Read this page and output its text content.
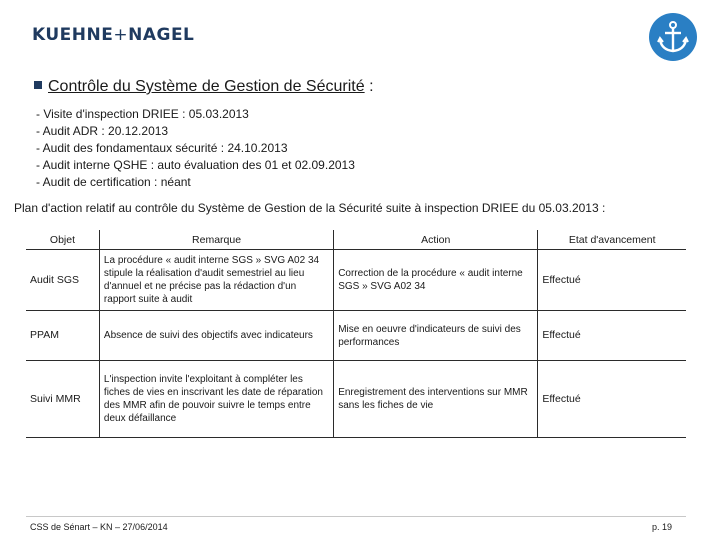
KUEHNE+NAGEL
Contrôle du Système de Gestion de Sécurité :
- Visite d'inspection DRIEE : 05.03.2013
- Audit ADR : 20.12.2013
- Audit des fondamentaux sécurité : 24.10.2013
- Audit interne QSHE : auto évaluation des 01 et 02.09.2013
- Audit de certification : néant
Plan d'action relatif au contrôle du Système de Gestion de la Sécurité suite à inspection DRIEE du 05.03.2013 :
Objet	Remarque	Action	Etat d'avancement
Audit SGS	La procédure « audit interne SGS » SVG A02 34 stipule la réalisation d'audit semestriel au lieu d'annuel et ne précise pas la rédaction d'un rapport suite à audit	Correction de la procédure « audit interne SGS » SVG A02 34	Effectué
PPAM	Absence de suivi des objectifs avec indicateurs	Mise en oeuvre d'indicateurs de suivi des performances	Effectué
Suivi MMR	L'inspection invite l'exploitant à compléter les fiches de vies en inscrivant les date de réparation des MMR afin de pouvoir suivre le temps entre deux défaillance	Enregistrement des interventions sur MMR sans les fiches de vie	Effectué
CSS de Sénart – KN – 27/06/2014	p. 19
